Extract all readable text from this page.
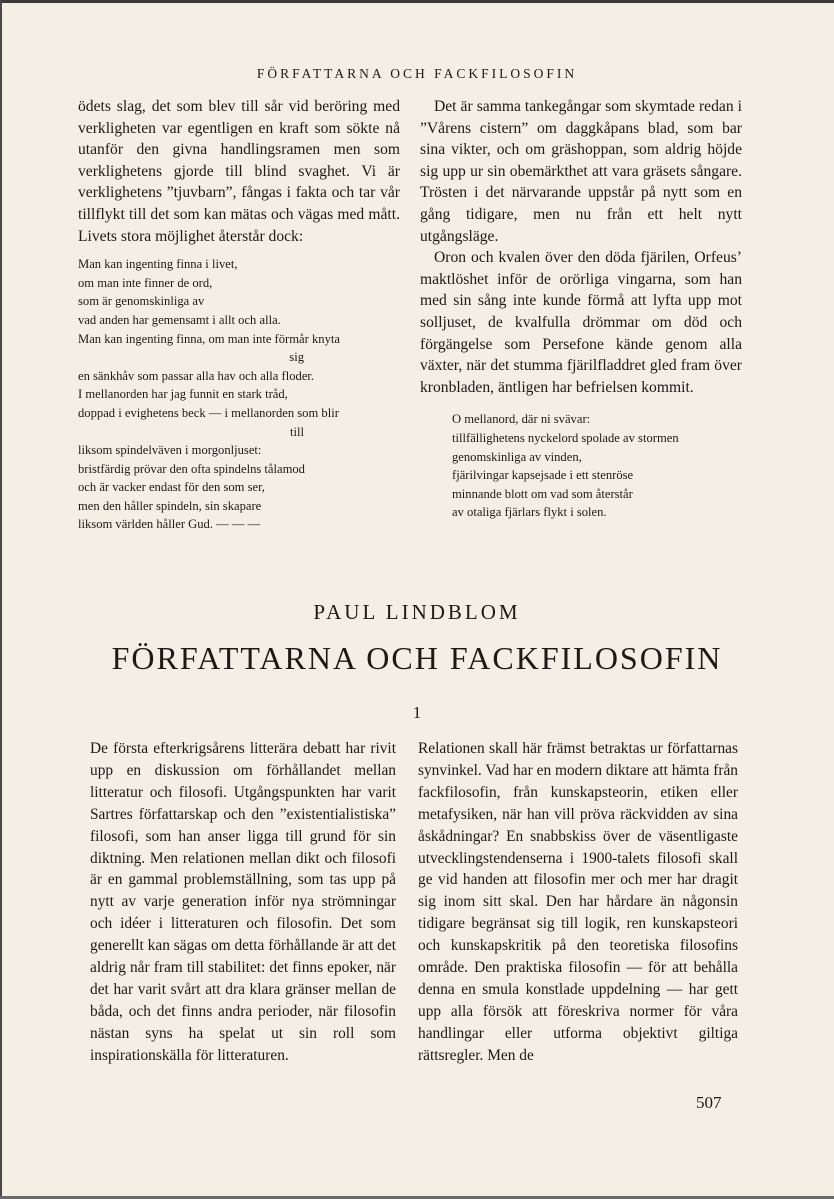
FÖRFATTARNA OCH FACKFILOSOFIN

ödets slag, det som blev till sår vid beröring med verkligheten var egentligen en kraft som sökte nå utanför den givna handlingsramen men som verklighetens gjorde till blind svaghet. Vi är verklighetens ”tjuvbarn”, fångas i fakta och tar vår tillflykt till det som kan mätas och vägas med mått. Livets stora möjlighet återstår dock:

Man kan ingenting finna i livet,
om man inte finner de ord,
som är genomskinliga av
vad anden har gemensamt i allt och alla.
Man kan ingenting finna, om man inte förmår knyta
sig
en sänkhåv som passar alla hav och alla floder.
I mellanorden har jag funnit en stark tråd,
doppad i evighetens beck — i mellanorden som blir
till
liksom spindelväven i morgonljuset:
bristfärdig prövar den ofta spindelns tålamod
och är vacker endast för den som ser,
men den håller spindeln, sin skapare
liksom världen håller Gud. — — —

Det är samma tankegångar som skymtade redan i ”Vårens cistern” om daggkåpans blad, som bar sina vikter, och om gräshoppan, som aldrig höjde sig upp ur sin obemärkthet att vara gräsets sångare. Trösten i det närvarande uppstår på nytt som en gång tidigare, men nu från ett helt nytt utgångsläge.

Oron och kvalen över den döda fjärilen, Orfeus’ maktlöshet inför de orörliga vingarna, som han med sin sång inte kunde förmå att lyfta upp mot solljuset, de kvalfulla drömmar om död och förgängelse som Persefone kände genom alla växter, när det stumma fjärilfladdret gled fram över kronbladen, äntligen har befrielsen kommit.

O mellanord, där ni svävar:
tillfällighetens nyckelord spolade av stormen
genomskinliga av vinden,
fjärilvingar kapsejsade i ett stenröse
minnande blott om vad som återstår
av otaliga fjärlars flykt i solen.
PAUL LINDBLOM
FÖRFATTARNA OCH FACKFILOSOFIN
1

De första efterkrigsårens litterära debatt har rivit upp en diskussion om förhållandet mellan litteratur och filosofi. Utgångspunkten har varit Sartres författarskap och den ”existentialistiska” filosofi, som han anser ligga till grund för sin diktning. Men relationen mellan dikt och filosofi är en gammal problemställning, som tas upp på nytt av varje generation inför nya strömningar och idéer i litteraturen och filosofin. Det som generellt kan sägas om detta förhållande är att det aldrig når fram till stabilitet: det finns epoker, när det har varit svårt att dra klara gränser mellan de båda, och det finns andra perioder, när filosofin nästan syns ha spelat ut sin roll som inspirationskälla för litteraturen.

Relationen skall här främst betraktas ur författarnas synvinkel. Vad har en modern diktare att hämta från fackfilosofin, från kunskapsteorin, etiken eller metafysiken, när han vill pröva räckvidden av sina åskådningar? En snabbskiss över de väsentligaste utvecklingstendenserna i 1900-talets filosofi skall ge vid handen att filosofin mer och mer har dragit sig inom sitt skal. Den har hårdare än någonsin tidigare begränsat sig till logik, ren kunskapsteori och kunskapskritik på den teoretiska filosofins område. Den praktiska filosofin — för att behålla denna en smula konstlade uppdelning — har gett upp alla försök att föreskriva normer för våra handlingar eller utforma objektivt giltiga rättsregler. Men de

507
